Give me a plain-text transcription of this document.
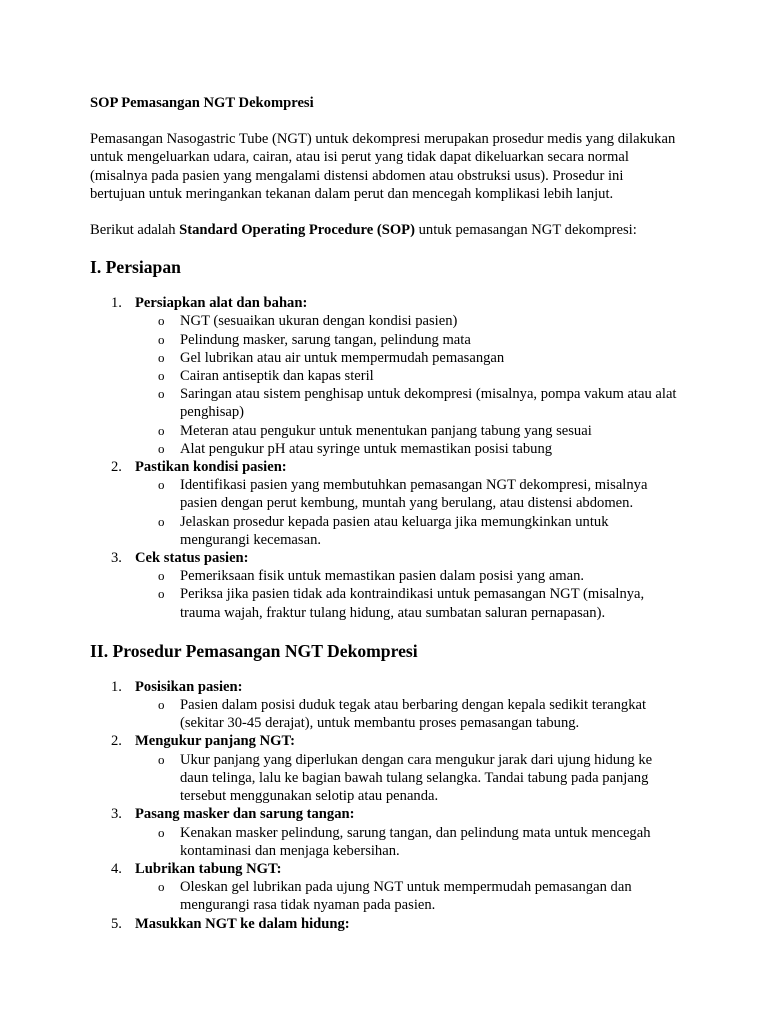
SOP Pemasangan NGT Dekompresi

Pemasangan Nasogastric Tube (NGT) untuk dekompresi merupakan prosedur medis yang dilakukan untuk mengeluarkan udara, cairan, atau isi perut yang tidak dapat dikeluarkan secara normal (misalnya pada pasien yang mengalami distensi abdomen atau obstruksi usus). Prosedur ini bertujuan untuk meringankan tekanan dalam perut dan mencegah komplikasi lebih lanjut.

Berikut adalah Standard Operating Procedure (SOP) untuk pemasangan NGT dekompresi:

I. Persiapan
1. Persiapkan alat dan bahan:
o NGT (sesuaikan ukuran dengan kondisi pasien)
o Pelindung masker, sarung tangan, pelindung mata
o Gel lubrikan atau air untuk mempermudah pemasangan
o Cairan antiseptik dan kapas steril
o Saringan atau sistem penghisap untuk dekompresi (misalnya, pompa vakum atau alat penghisap)
o Meteran atau pengukur untuk menentukan panjang tabung yang sesuai
o Alat pengukur pH atau syringe untuk memastikan posisi tabung
2. Pastikan kondisi pasien:
o Identifikasi pasien yang membutuhkan pemasangan NGT dekompresi, misalnya pasien dengan perut kembung, muntah yang berulang, atau distensi abdomen.
o Jelaskan prosedur kepada pasien atau keluarga jika memungkinkan untuk mengurangi kecemasan.
3. Cek status pasien:
o Pemeriksaan fisik untuk memastikan pasien dalam posisi yang aman.
o Periksa jika pasien tidak ada kontraindikasi untuk pemasangan NGT (misalnya, trauma wajah, fraktur tulang hidung, atau sumbatan saluran pernapasan).
II. Prosedur Pemasangan NGT Dekompresi
1. Posisikan pasien:
o Pasien dalam posisi duduk tegak atau berbaring dengan kepala sedikit terangkat (sekitar 30-45 derajat), untuk membantu proses pemasangan tabung.
2. Mengukur panjang NGT:
o Ukur panjang yang diperlukan dengan cara mengukur jarak dari ujung hidung ke daun telinga, lalu ke bagian bawah tulang selangka. Tandai tabung pada panjang tersebut menggunakan selotip atau penanda.
3. Pasang masker dan sarung tangan:
o Kenakan masker pelindung, sarung tangan, dan pelindung mata untuk mencegah kontaminasi dan menjaga kebersihan.
4. Lubrikan tabung NGT:
o Oleskan gel lubrikan pada ujung NGT untuk mempermudah pemasangan dan mengurangi rasa tidak nyaman pada pasien.
5. Masukkan NGT ke dalam hidung:
